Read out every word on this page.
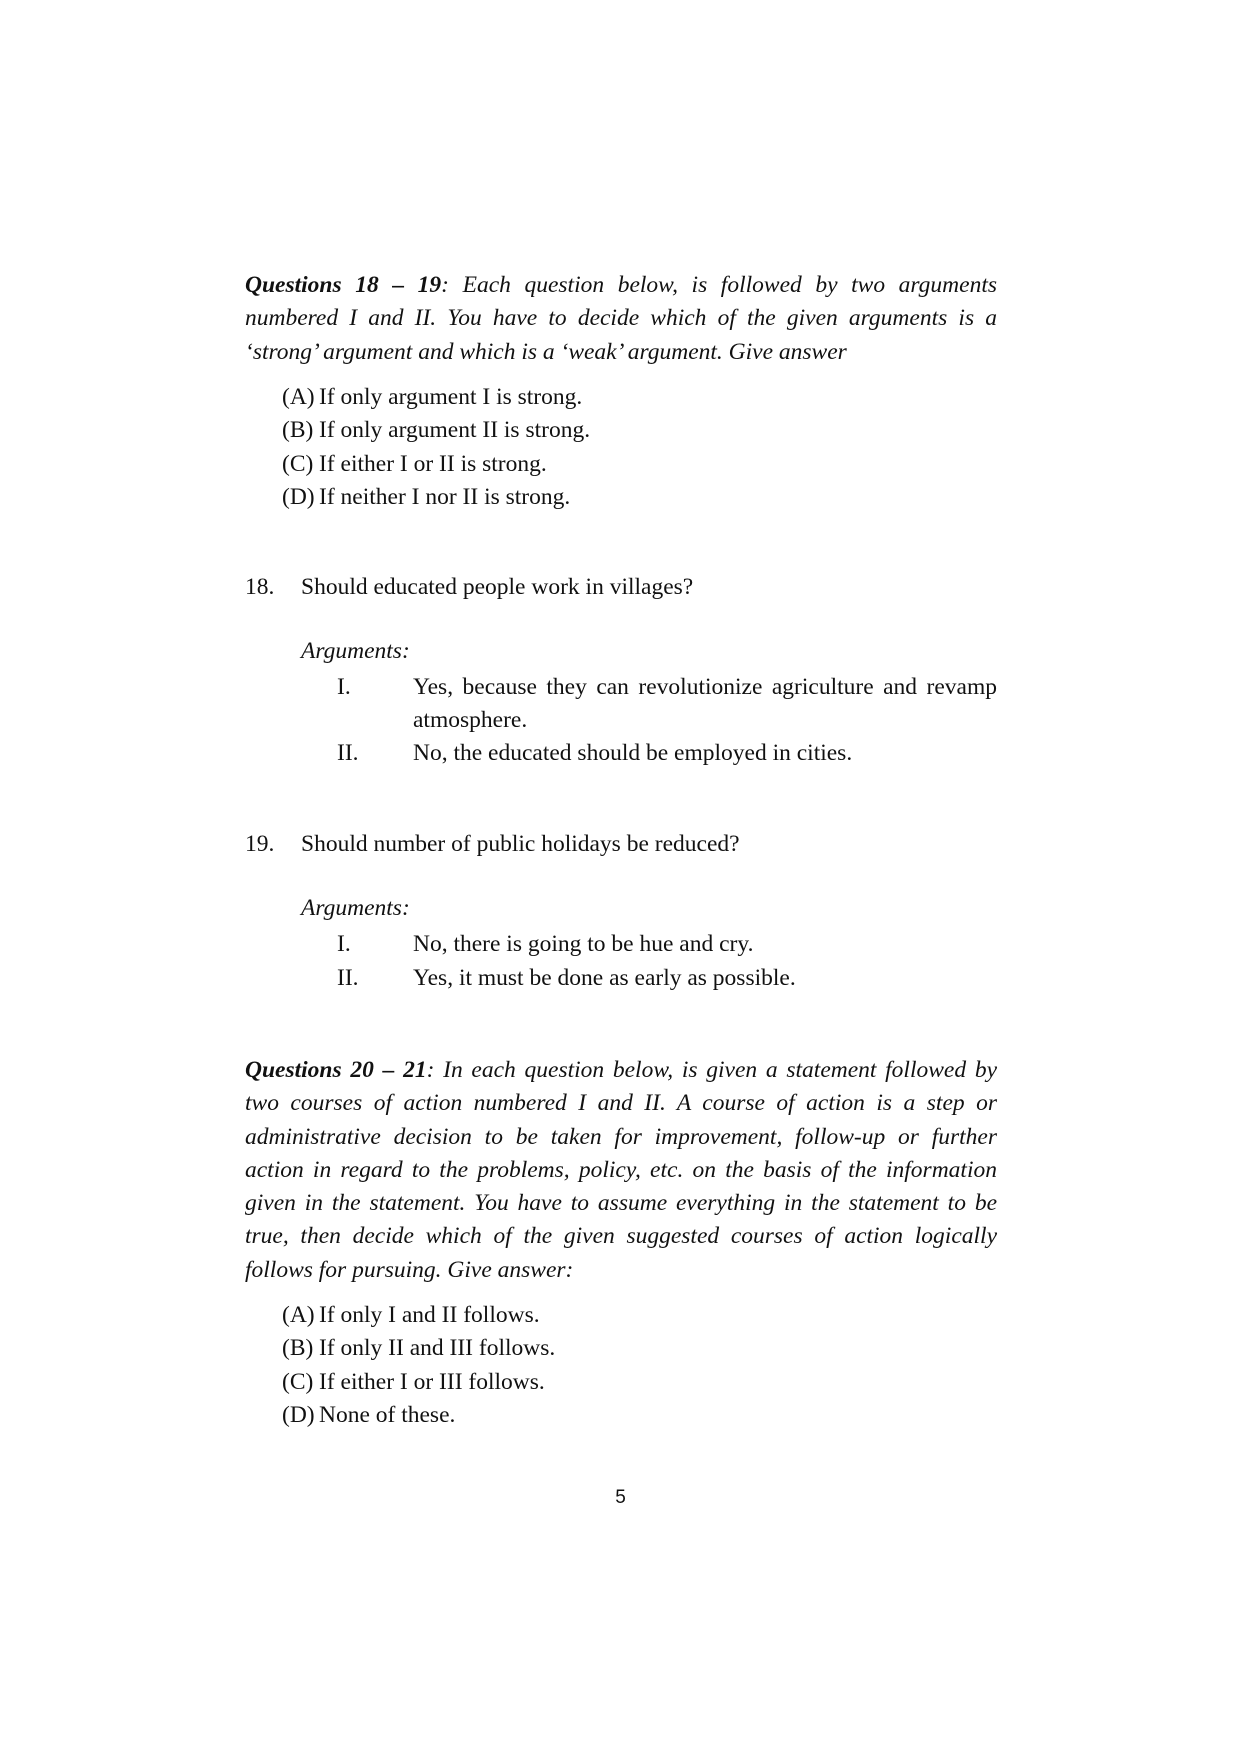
Questions 18 – 19: Each question below, is followed by two arguments numbered I and II. You have to decide which of the given arguments is a ‘strong’ argument and which is a ‘weak’ argument. Give answer

(A) If only argument I is strong.
(B) If only argument II is strong.
(C) If either I or II is strong.
(D) If neither I nor II is strong.
18.	Should educated people work in villages?
Arguments:
I.	Yes, because they can revolutionize agriculture and revamp atmosphere.
II.	No, the educated should be employed in cities.
19.	Should number of public holidays be reduced?
Arguments:
I.	No, there is going to be hue and cry.
II.	Yes, it must be done as early as possible.

Questions 20 – 21: In each question below, is given a statement followed by two courses of action numbered I and II. A course of action is a step or administrative decision to be taken for improvement, follow-up or further action in regard to the problems, policy, etc. on the basis of the information given in the statement. You have to assume everything in the statement to be true, then decide which of the given suggested courses of action logically follows for pursuing. Give answer:

(A) If only I and II follows.
(B) If only II and III follows.
(C) If either I or III follows.
(D) None of these.
5
